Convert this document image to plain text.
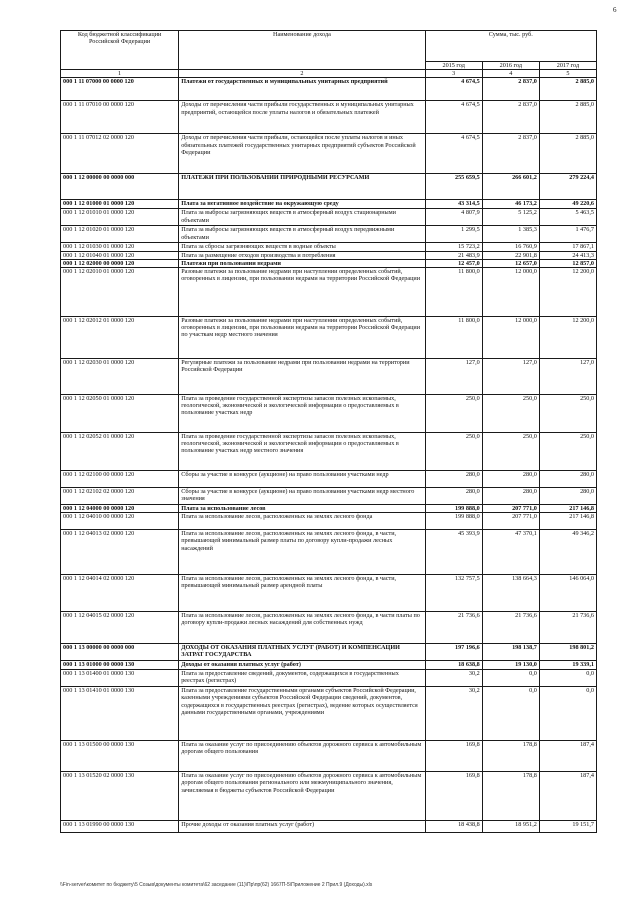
6
Код бюджетной классификации Российской Федерации	Наименование дохода	Сумма, тыс. руб.		
		2015 год	2016 год	2017 год
1	2	3	4	5
000 1 11 07000 00 0000 120	Платежи от государственных и муниципальных унитарных предприятий	4 674,5	2 837,0	2 885,0
000 1 11 07010 00 0000 120	Доходы от перечисления части прибыли государственных и муниципальных унитарных предприятий, остающейся после уплаты налогов и обязательных платежей	4 674,5	2 837,0	2 885,0
000 1 11 07012 02 0000 120	Доходы от перечисления части прибыли, остающейся после уплаты налогов и иных обязательных платежей государственных унитарных предприятий субъектов Российской Федерации	4 674,5	2 837,0	2 885,0
000 1 12 00000 00 0000 000	ПЛАТЕЖИ ПРИ ПОЛЬЗОВАНИИ ПРИРОДНЫМИ РЕСУРСАМИ	255 659,5	266 601,2	279 224,4
000 1 12 01000 01 0000 120	Плата за негативное воздействие на окружающую среду	43 314,5	46 173,2	49 220,6
000 1 12 01010 01 0000 120	Плата за выбросы загрязняющих веществ в атмосферный воздух стационарными объектами	4 807,9	5 125,2	5 463,5
000 1 12 01020 01 0000 120	Плата за выбросы загрязняющих веществ в атмосферный воздух передвижными объектами	1 299,5	1 385,3	1 476,7
000 1 12 01030 01 0000 120	Плата за сбросы загрязняющих веществ в водные объекты	15 723,2	16 760,9	17 867,1
000 1 12 01040 01 0000 120	Плата за размещение отходов производства и потребления	21 483,9	22 901,8	24 413,3
000 1 12 02000 00 0000 120	Платежи при пользовании недрами	12 457,0	12 657,0	12 857,0
000 1 12 02010 01 0000 120	Разовые платежи за пользование недрами при наступлении определенных событий, оговоренных в лицензии, при пользовании недрами на территории Российской Федерации	11 800,0	12 000,0	12 200,0
000 1 12 02012 01 0000 120	Разовые платежи за пользование недрами при наступлении определенных событий, оговоренных в лицензии, при пользовании недрами на территории Российской Федерации по участкам недр местного значения	11 800,0	12 000,0	12 200,0
000 1 12 02030 01 0000 120	Регулярные платежи за пользование недрами при пользовании недрами на территории Российской Федерации	127,0	127,0	127,0
000 1 12 02050 01 0000 120	Плата за проведение государственной экспертизы запасов полезных ископаемых, геологической, экономической и экологической информации о предоставляемых в пользование участках недр	250,0	250,0	250,0
000 1 12 02052 01 0000 120	Плата за проведение государственной экспертизы запасов полезных ископаемых, геологической, экономической и экологической информации о предоставляемых в пользование участках недр местного значения	250,0	250,0	250,0
000 1 12 02100 00 0000 120	Сборы за участие в конкурсе (аукционе) на право пользования участками недр	280,0	280,0	280,0
000 1 12 02102 02 0000 120	Сборы за участие в конкурсе (аукционе) на право пользования участками недр местного значения	280,0	280,0	280,0
000 1 12 04000 00 0000 120	Плата за использование лесов	199 888,0	207 771,0	217 146,8
000 1 12 04010 00 0000 120	Плата за использование лесов, расположенных на землях лесного фонда	199 888,0	207 771,0	217 146,8
000 1 12 04013 02 0000 120	Плата за использование лесов, расположенных на землях лесного фонда, в части, превышающей минимальный размер платы по договору купли-продажи лесных насаждений	45 393,9	47 370,1	49 346,2
000 1 12 04014 02 0000 120	Плата за использование лесов, расположенных на землях лесного фонда, в части, превышающей минимальный размер арендной платы	132 757,5	138 664,3	146 064,0
000 1 12 04015 02 0000 120	Плата за использование лесов, расположенных на землях лесного фонда, в части платы по договору купли-продажи лесных насаждений для собственных нужд	21 736,6	21 736,6	21 736,6
000 1 13 00000 00 0000 000	ДОХОДЫ ОТ ОКАЗАНИЯ ПЛАТНЫХ УСЛУГ (РАБОТ) И КОМПЕНСАЦИИ ЗАТРАТ ГОСУДАРСТВА	197 196,6	198 138,7	198 801,2
000 1 13 01000 00 0000 130	Доходы от оказания платных услуг (работ)	18 638,8	19 130,0	19 339,1
000 1 13 01400 01 0000 130	Плата за предоставление сведений, документов, содержащихся в государственных реестрах (регистрах)	30,2	0,0	0,0
000 1 13 01410 01 0000 130	Плата за предоставление государственными органами субъектов Российской Федерации, казенными учреждениями субъектов Российской Федерации сведений, документов, содержащихся в государственных реестрах (регистрах), ведение которых осуществляется данными государственными органами, учреждениями	30,2	0,0	0,0
000 1 13 01500 00 0000 130	Плата за оказание услуг по присоединению объектов дорожного сервиса к автомобильным дорогам общего пользования	169,8	178,8	187,4
000 1 13 01520 02 0000 130	Плата за оказание услуг по присоединению объектов дорожного сервиса к автомобильным дорогам общего пользования регионального или межмуниципального значения, зачисляемая в бюджеты субъектов Российской Федерации	169,8	178,8	187,4
000 1 13 01990 00 0000 130	Прочие доходы от оказания платных услуг (работ)	18 438,8	18 951,2	19 151,7
\\Fin-server\комитет по бюджету\5 Созыв\документы комитета\62 заседание (11)\Пр\пр(62) 1667П-5\Приложение 2 Прил.9 (Доходы).xls
